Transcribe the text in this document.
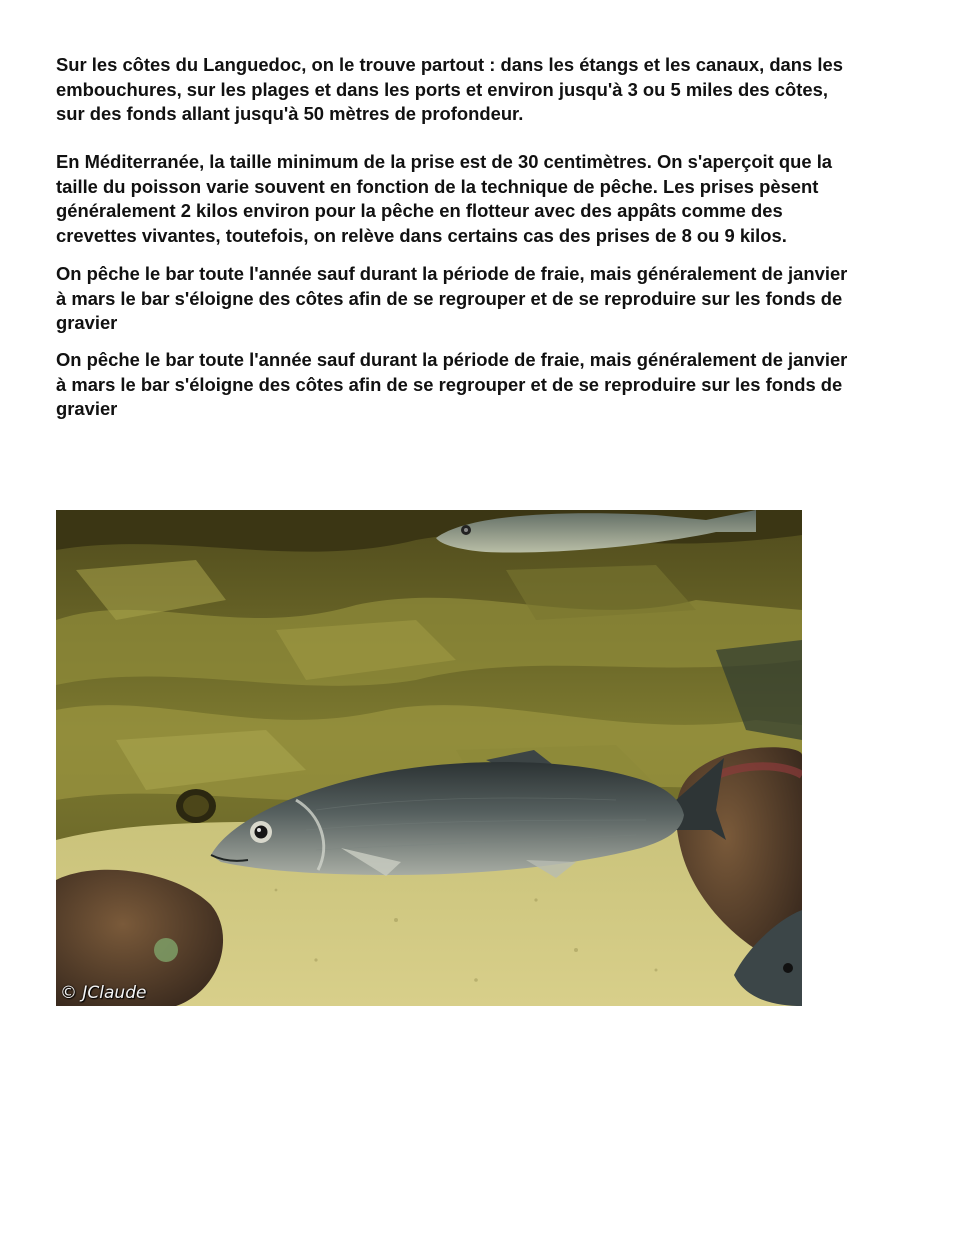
Sur les côtes du Languedoc, on le trouve partout : dans les étangs et les canaux, dans les
embouchures, sur les plages et dans les ports et environ jusqu'à 3 ou 5 miles des côtes,
sur des fonds allant jusqu'à 50 mètres de profondeur.

En Méditerranée, la taille minimum de la prise est de 30 centimètres. On s'aperçoit que la
taille du poisson varie souvent en fonction de la technique de pêche. Les prises pèsent
généralement 2 kilos environ pour la pêche en flotteur avec des appâts comme des
crevettes vivantes, toutefois, on relève dans certains cas des prises de 8 ou 9 kilos.

On pêche le bar toute l'année sauf durant la période de fraie, mais généralement de janvier
à mars le bar s'éloigne des côtes afin de se regrouper et de se reproduire sur les fonds de
gravier

On pêche le bar toute l'année sauf durant la période de fraie, mais généralement de janvier
à mars le bar s'éloigne des côtes afin de se regrouper et de se reproduire sur les fonds de
gravier

© JClaude
